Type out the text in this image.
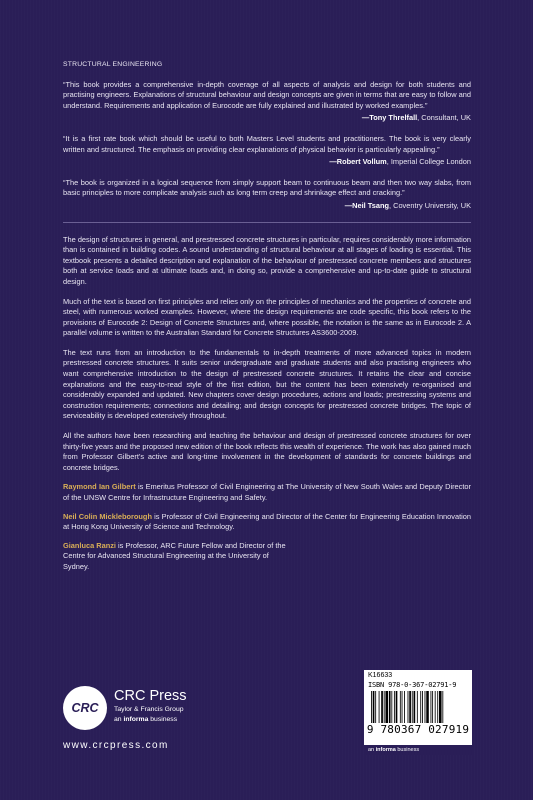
STRUCTURAL ENGINEERING

“This book provides a comprehensive in-depth coverage of all aspects of analysis and design for both students and practising engineers. Explanations of structural behaviour and design concepts are given in terms that are easy to follow and understand. Requirements and application of Eurocode are fully explained and illustrated by worked examples.”

—Tony Threlfall, Consultant, UK

“It is a first rate book which should be useful to both Masters Level students and practitioners. The book is very clearly written and structured. The emphasis on providing clear explanations of physical behavior is particularly appealing.”

—Robert Vollum, Imperial College London

“The book is organized in a logical sequence from simply support beam to continuous beam and then two way slabs, from basic principles to more complicate analysis such as long term creep and shrinkage effect and cracking.”

—Neil Tsang, Coventry University, UK

The design of structures in general, and prestressed concrete structures in particular, requires considerably more information than is contained in building codes. A sound understanding of structural behaviour at all stages of loading is essential. This textbook presents a detailed description and explanation of the behaviour of prestressed concrete members and structures both at service loads and at ultimate loads and, in doing so, provide a comprehensive and up-to-date guide to structural design.

Much of the text is based on first principles and relies only on the principles of mechanics and the properties of concrete and steel, with numerous worked examples. However, where the design requirements are code specific, this book refers to the provisions of Eurocode 2: Design of Concrete Structures and, where possible, the notation is the same as in Eurocode 2. A parallel volume is written to the Australian Standard for Concrete Structures AS3600-2009.

The text runs from an introduction to the fundamentals to in-depth treatments of more advanced topics in modern prestressed concrete structures. It suits senior undergraduate and graduate students and also practising engineers who want comprehensive introduction to the design of prestressed concrete structures. It retains the clear and concise explanations and the easy-to-read style of the first edition, but the content has been extensively re-organised and considerably expanded and updated. New chapters cover design procedures, actions and loads; prestressing systems and construction requirements; connections and detailing; and design concepts for prestressed concrete bridges. The topic of serviceability is developed extensively throughout.

All the authors have been researching and teaching the behaviour and design of prestressed concrete structures for over thirty-five years and the proposed new edition of the book reflects this wealth of experience. The work has also gained much from Professor Gilbert’s active and long-time involvement in the development of standards for concrete buildings and concrete bridges.

Raymond Ian Gilbert is Emeritus Professor of Civil Engineering at The University of New South Wales and Deputy Director of the UNSW Centre for Infrastructure Engineering and Safety.

Neil Colin Mickleborough is Professor of Civil Engineering and Director of the Center for Engineering Education Innovation at Hong Kong University of Science and Technology.

Gianluca Ranzi is Professor, ARC Future Fellow and Director of the Centre for Advanced Structural Engineering at the University of Sydney.

CRC
CRC Press
Taylor & Francis Group
an informa business
www.crcpress.com
K16633
ISBN 978-0-367-02791-9
9 780367 027919
an informa business
